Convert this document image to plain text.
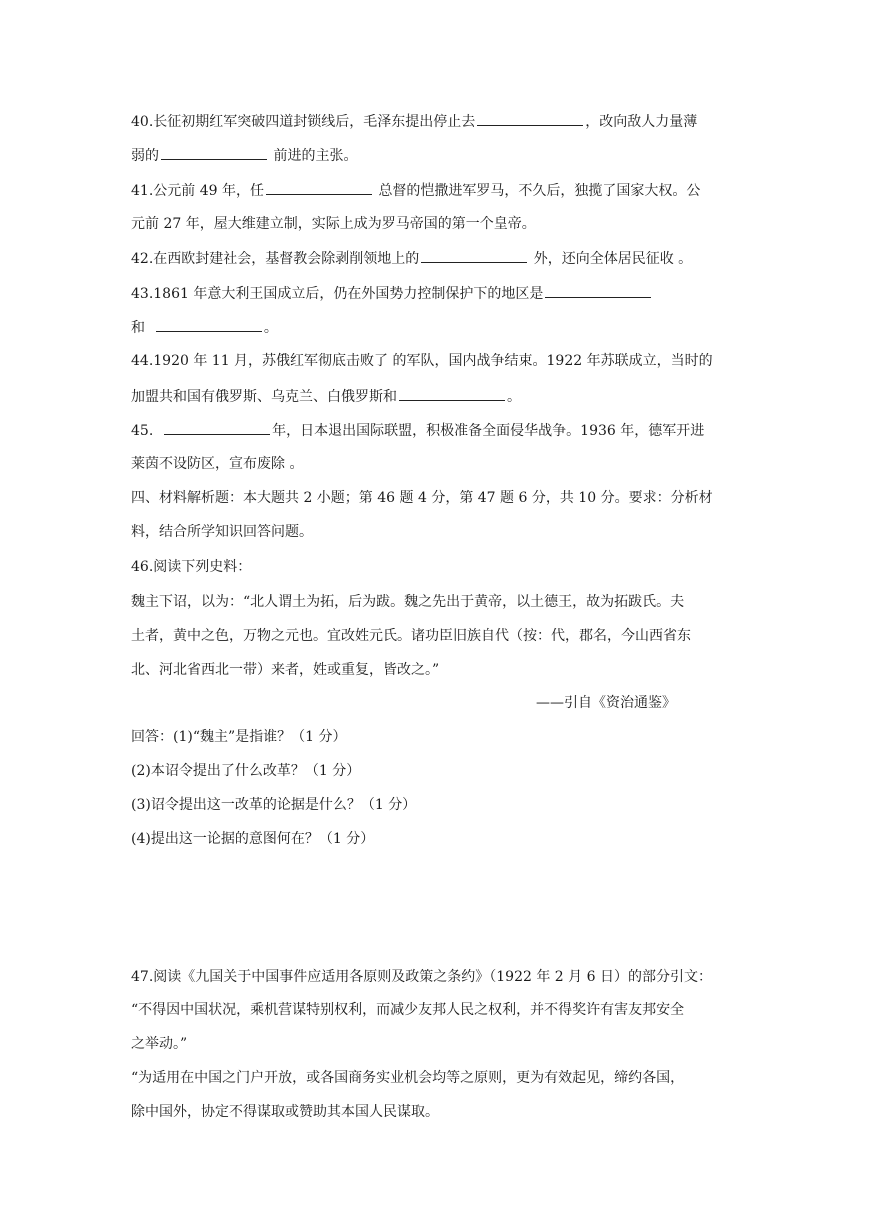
40.长征初期红军突破四道封锁线后，毛泽东提出停止去	，改向敌人力量薄
弱的	前进的主张。
41.公元前 49 年，任	总督的恺撒进军罗马，不久后，独揽了国家大权。公
元前 27 年，屋大维建立制，实际上成为罗马帝国的第一个皇帝。
42.在西欧封建社会，基督教会除剥削领地上的	外，还向全体居民征收 。
43.1861 年意大利王国成立后，仍在外国势力控制保护下的地区是
和	。
44.1920 年 11 月，苏俄红军彻底击败了 的军队，国内战争结束。1922 年苏联成立，当时的
加盟共和国有俄罗斯、乌克兰、白俄罗斯和	。
45.	年，日本退出国际联盟，积极准备全面侵华战争。1936 年，德军开进
莱茵不设防区，宣布废除 。
四、材料解析题：本大题共 2 小题；第 46 题 4 分，第 47 题 6 分，共 10 分。要求：分析材
料，结合所学知识回答问题。
46.阅读下列史料：
魏主下诏，以为：“北人谓土为拓，后为跋。魏之先出于黄帝，以土德王，故为拓跋氏。夫
土者，黄中之色，万物之元也。宜改姓元氏。诸功臣旧族自代（按：代，郡名，今山西省东
北、河北省西北一带）来者，姓或重复，皆改之。”
——引自《资治通鉴》
回答：(1)“魏主”是指谁？（1 分）
(2)本诏令提出了什么改革？（1 分）
(3)诏令提出这一改革的论据是什么？（1 分）
(4)提出这一论据的意图何在？（1 分）
47.阅读《九国关于中国事件应适用各原则及政策之条约》（1922 年 2 月 6 日）的部分引文：
“不得因中国状况，乘机营谋特别权利，而减少友邦人民之权利，并不得奖许有害友邦安全
之举动。”
“为适用在中国之门户开放，或各国商务实业机会均等之原则，更为有效起见，缔约各国，
除中国外，协定不得谋取或赞助其本国人民谋取。
